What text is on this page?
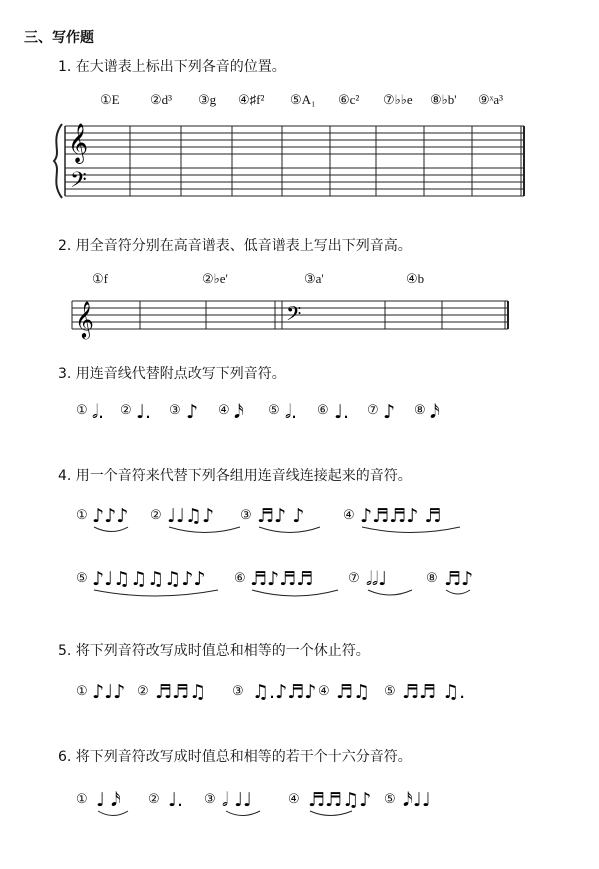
三、写作题
1. 在大谱表上标出下列各音的位置。
①E ②d³ ③g ④♯f² ⑤A₁ ⑥c² ⑦♭♭e ⑧♭b' ⑨ˣa³
𝄞
𝄢
𝄞	𝄢
𝅗𝅥. ♩. ♪ 𝅘𝅥𝅯 𝅗𝅥. ♩. ♪ 𝅘𝅥𝅯
♪♪♪ ♩♩♫♪ ♬♪ ♪	♪♬♬♪ ♬
♪♩♫♫♫♫♪♪ ♬♪♬♬	𝅗𝅥𝅗𝅥♩	♬♪
♪♩♪ ♬♬♫ ♫.♪♬♪ ♬♫ ♬♬ ♫.
♩ 𝅘𝅥𝅯 ♩. 𝅗𝅥 ♩♩	♬♬♫♪ 𝅘𝅥𝅯♩♩
2. 用全音符分别在高音谱表、低音谱表上写出下列音高。
①f	②♭e'	③a'	④b
3. 用连音线代替附点改写下列音符。
① ②	③	④	⑤	⑥	⑦	⑧
4. 用一个音符来代替下列各组用连音线连接起来的音符。
①	②	③	④
⑤	⑥	⑦	⑧
5. 将下列音符改写成时值总和相等的一个休止符。
①	②	③	④	⑤
6. 将下列音符改写成时值总和相等的若干个十六分音符。
①	②	③	④	⑤
